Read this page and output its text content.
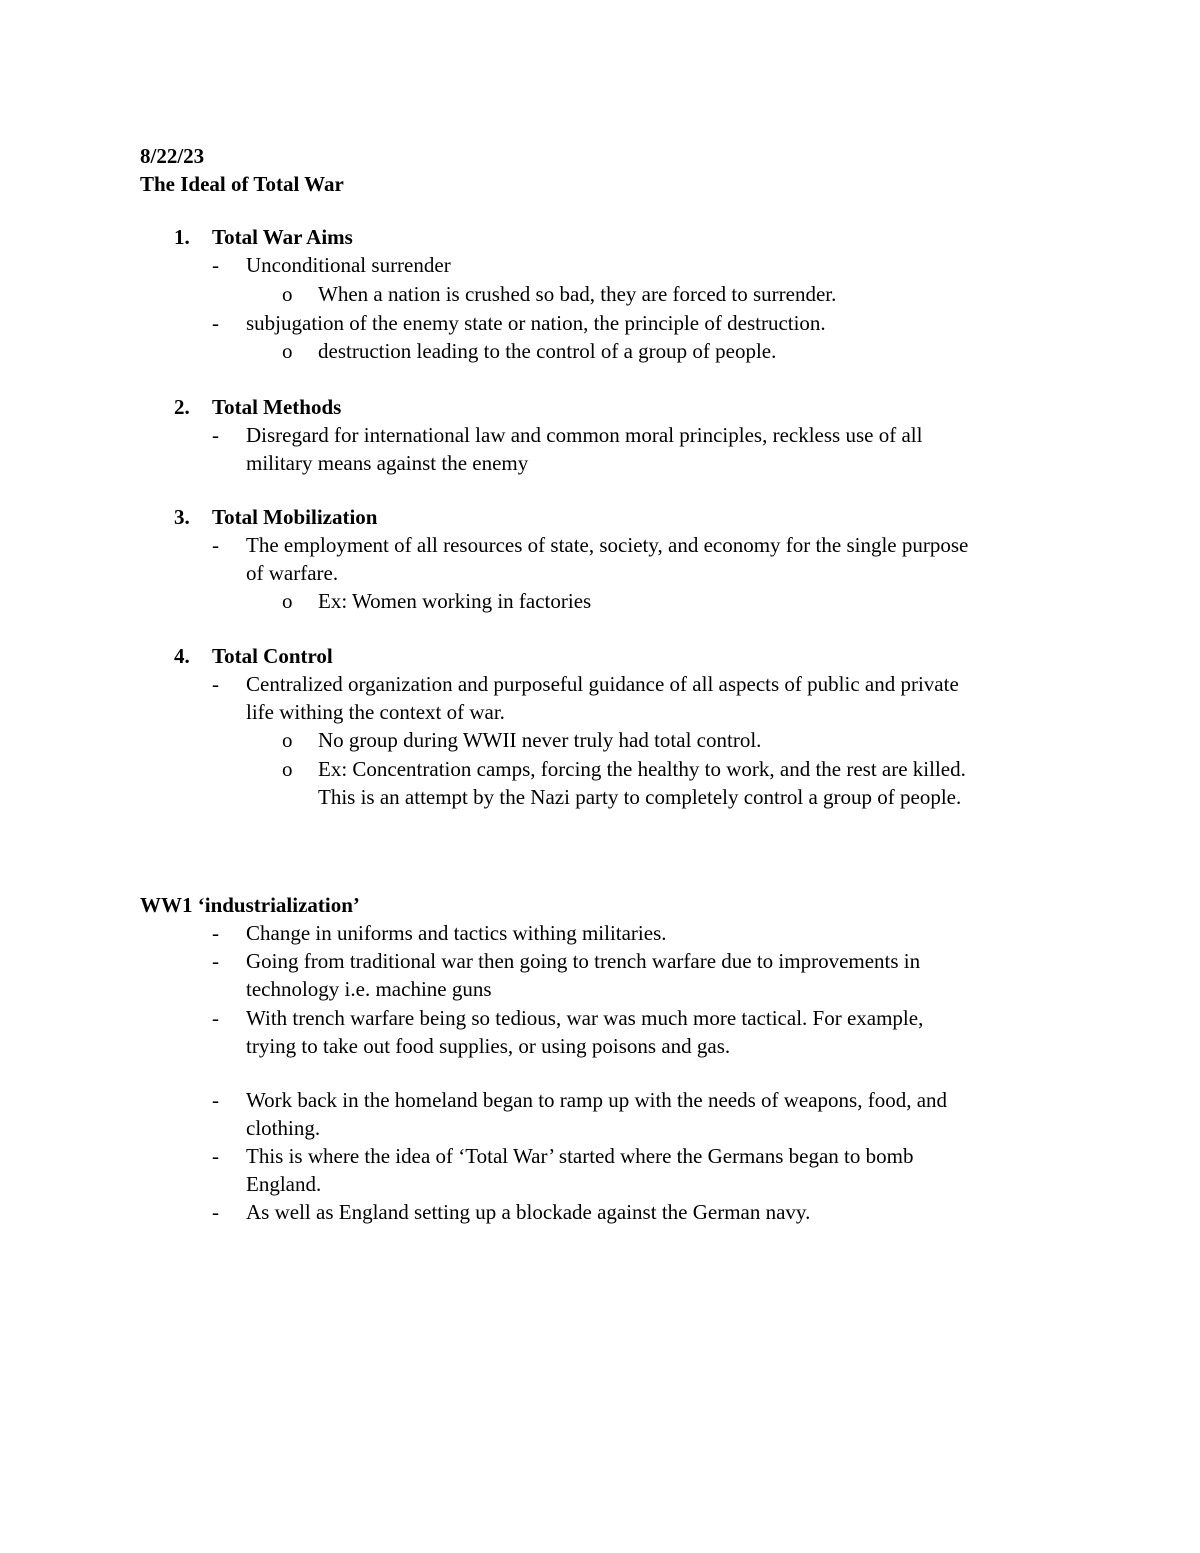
8/22/23
The Ideal of Total War
1. Total War Aims
- Unconditional surrender
o When a nation is crushed so bad, they are forced to surrender.
- subjugation of the enemy state or nation, the principle of destruction.
o destruction leading to the control of a group of people.
2. Total Methods
- Disregard for international law and common moral principles, reckless use of all
military means against the enemy
3. Total Mobilization
- The employment of all resources of state, society, and economy for the single purpose
of warfare.
o Ex: Women working in factories
4. Total Control
- Centralized organization and purposeful guidance of all aspects of public and private
life withing the context of war.
o No group during WWII never truly had total control.
o Ex: Concentration camps, forcing the healthy to work, and the rest are killed.
This is an attempt by the Nazi party to completely control a group of people.
WW1 ‘industrialization’
- Change in uniforms and tactics withing militaries.
- Going from traditional war then going to trench warfare due to improvements in
technology i.e. machine guns
- With trench warfare being so tedious, war was much more tactical. For example,
trying to take out food supplies, or using poisons and gas.
- Work back in the homeland began to ramp up with the needs of weapons, food, and
clothing.
- This is where the idea of ‘Total War’ started where the Germans began to bomb
England.
- As well as England setting up a blockade against the German navy.
